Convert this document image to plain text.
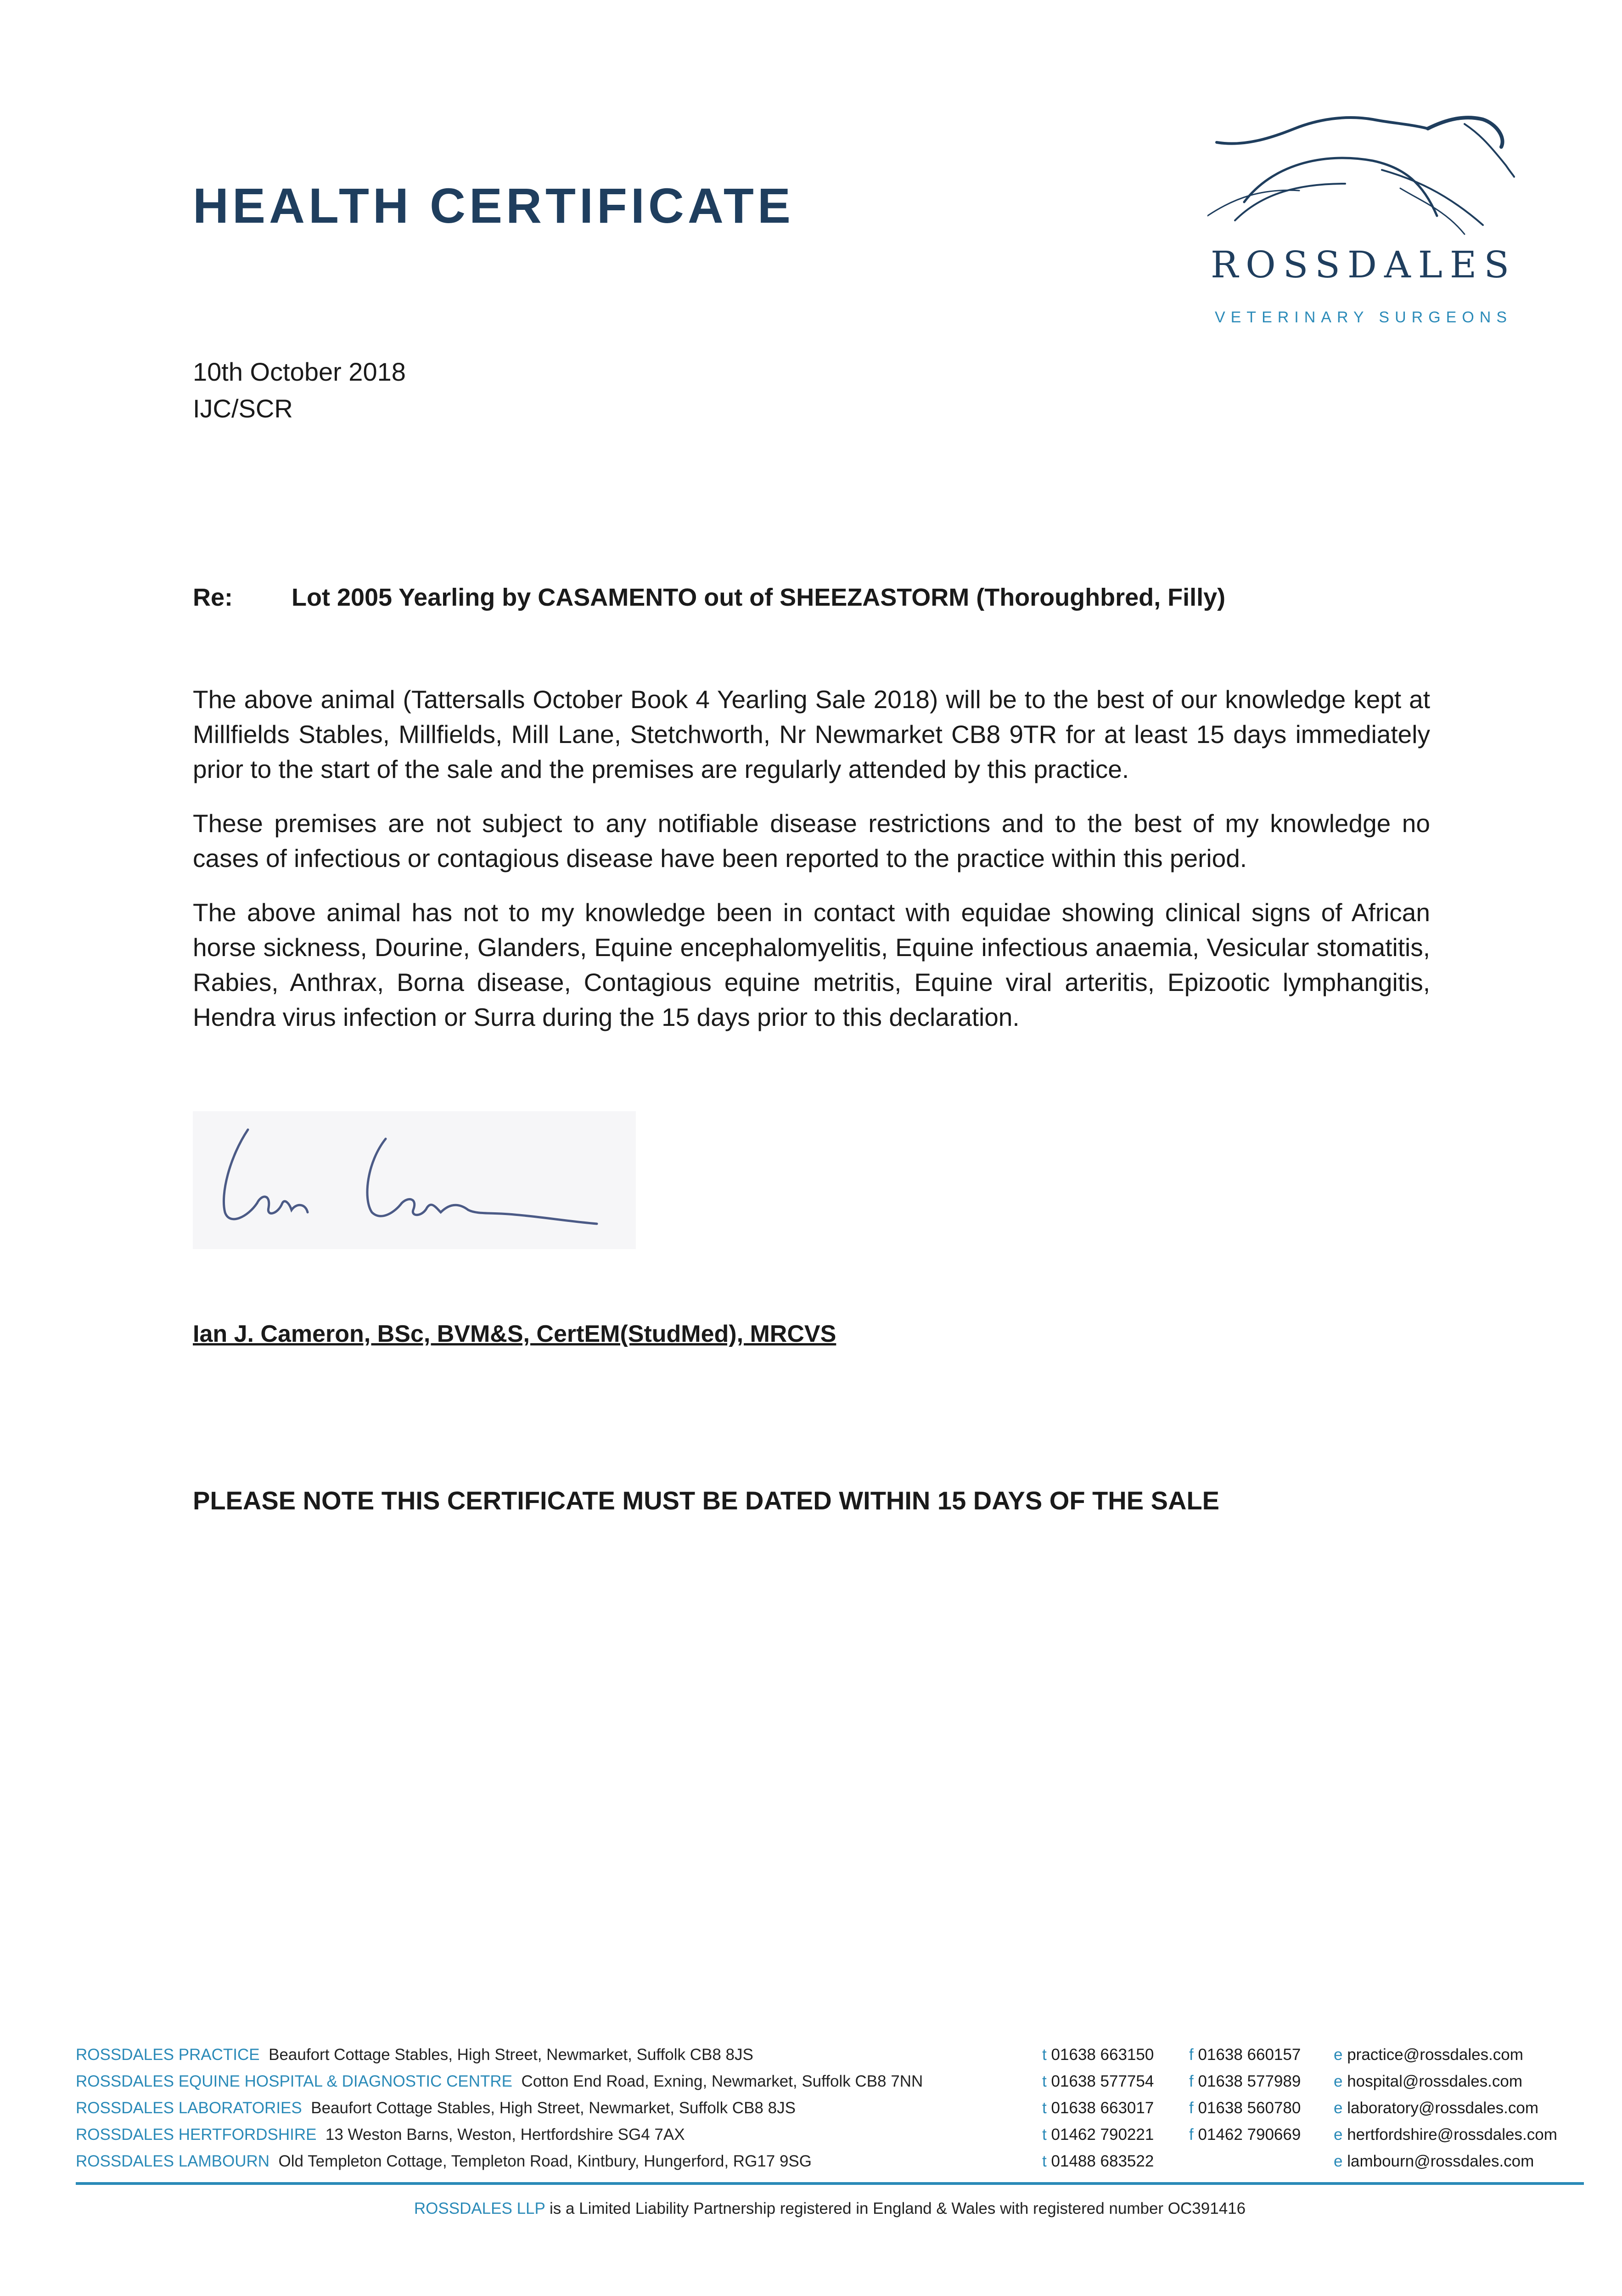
HEALTH CERTIFICATE
ROSSDALES
VETERINARY SURGEONS
10th October 2018
IJC/SCR
Re: Lot 2005 Yearling by CASAMENTO out of SHEEZASTORM (Thoroughbred, Filly)

The above animal (Tattersalls October Book 4 Yearling Sale 2018) will be to the best of our knowledge kept at Millfields Stables, Millfields, Mill Lane, Stetchworth, Nr Newmarket CB8 9TR for at least 15 days immediately prior to the start of the sale and the premises are regularly attended by this practice.

These premises are not subject to any notifiable disease restrictions and to the best of my knowledge no cases of infectious or contagious disease have been reported to the practice within this period.

The above animal has not to my knowledge been in contact with equidae showing clinical signs of African horse sickness, Dourine, Glanders, Equine encephalomyelitis, Equine infectious anaemia, Vesicular stomatitis, Rabies, Anthrax, Borna disease, Contagious equine metritis, Equine viral arteritis, Epizootic lymphangitis, Hendra virus infection or Surra during the 15 days prior to this declaration.

Ian J. Cameron, BSc, BVM&S, CertEM(StudMed), MRCVS
PLEASE NOTE THIS CERTIFICATE MUST BE DATED WITHIN 15 DAYS OF THE SALE
ROSSDALES PRACTICE Beaufort Cottage Stables, High Street, Newmarket, Suffolk CB8 8JS	t 01638 663150 f 01638 660157 e practice@rossdales.com
ROSSDALES EQUINE HOSPITAL & DIAGNOSTIC CENTRE Cotton End Road, Exning, Newmarket, Suffolk CB8 7NN	t 01638 577754 f 01638 577989 e hospital@rossdales.com
ROSSDALES LABORATORIES Beaufort Cottage Stables, High Street, Newmarket, Suffolk CB8 8JS	t 01638 663017 f 01638 560780 e laboratory@rossdales.com
ROSSDALES HERTFORDSHIRE 13 Weston Barns, Weston, Hertfordshire SG4 7AX	t 01462 790221 f 01462 790669 e hertfordshire@rossdales.com
ROSSDALES LAMBOURN Old Templeton Cottage, Templeton Road, Kintbury, Hungerford, RG17 9SG	t 01488 683522	e lambourn@rossdales.com
ROSSDALES LLP is a Limited Liability Partnership registered in England & Wales with registered number OC391416
